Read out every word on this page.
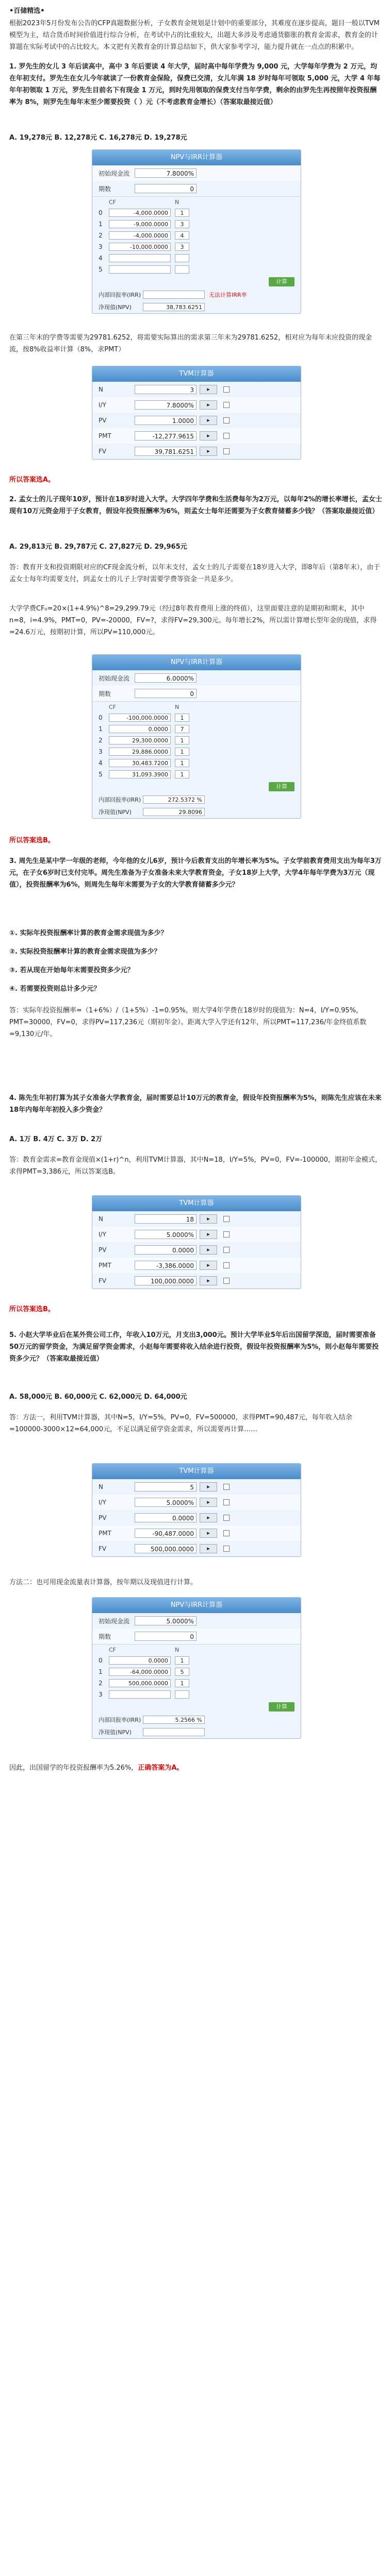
•百储精选•
根据2023年5月份发布公告的CFP真题数据分析，子女教育金规划是计划中的重要部分，其难度在逐步提高，题目一般以TVM模型为主，结合货币时间价值进行综合分析，在考试中占的比重较大，出题大多涉及考虑通货膨胀的教育金需求，教育金的计算题在实际考试中的占比较大。本文把有关教育金的计算总结如下，供大家参考学习，能力提升就在一点点的积累中。
1. 罗先生的女儿 3 年后读高中，高中 3 年后要读 4 年大学，届时高中每年学费为 9,000 元，大学每年学费为 2 万元，均在年初支付。罗先生在女儿今年就读了一份教育金保险，保费已交清，女儿年满 18 岁时每年可领取 5,000 元，大学 4 年每年年初领取 1 万元，罗先生目前名下有现金 1 万元，到时先用领取的保费支付当年学费，剩余的由罗先生再按照年投资报酬率为 8%，则罗先生每年末至少需要投资（ ）元（不考虑教育金增长）（答案取最接近值）
A. 19,278元 B. 12,278元 C. 16,278元 D. 19,278元
NPV与IRR计算器
初始现金流	7.8000%
期数	0
CF	N
0	-4,000.0000	1
1	-9,000.0000	3
2	-4,000.0000	4
3	-10,000.0000	3
4
5
计算
内部回报率(IRR)	无法计算IRR率
净现值(NPV)	38,783.6251
在第三年末的学费等需要为29781.6252，将需要实际算出的需求第三年末为29781.6252，相对应为每年末应投资的现金流，按8%收益率计算（8%，求PMT）
TVM计算器
N	3	▸
I/Y	7.8000%	▸
PV	1.0000	▸
PMT	-12,277.9615	▸
FV	39,781.6251	▸
所以答案选A。
2. 孟女士的儿子现年10岁，预计在18岁时进入大学。大学四年学费和生活费每年为2万元，以每年2%的增长率增长，孟女士现有10万元资金用于子女教育，假设年投资报酬率为6%，则孟女士每年还需要为子女教育储蓄多少钱？（答案取最接近值）
A. 29,813元 B. 29,787元 C. 27,827元 D. 29,965元
答：教育开支和投资期限对应的CF现金流分析，以年末支付，孟女士的儿子需要在18岁进入大学，即8年后（第8年末），由于孟女士每年均需要支付，到孟女士的儿子上学时需要学费等资金一共是多少。
大学学费CF₀=20×(1+4.9%)^8=29,299.79元（经过8年教育费用上涨的终值），这里面要注意的是期初和期末，其中n=8，i=4.9%，PMT=0，PV=-20000，FV=?，求得FV=29,300元。每年增长2%，所以需计算增长型年金的现值，求得=24.6万元，按期初计算，所以PV=110,000元。
NPV与IRR计算器
初始现金流	6.0000%
期数	0
CF	N
0	-100,000.0000	1
1	0.0000	7
2	29,300.0000	1
3	29,886.0000	1
4	30,483.7200	1
5	31,093.3900	1
计算
内部回报率(IRR)	272.5372 %
净现值(NPV)	29.8096
所以答案选B。
3. 周先生是某中学一年级的老师，今年他的女儿6岁，预计今后教育支出的年增长率为5%。子女学前教育费用支出为每年3万元，在子女6岁时已支付完毕。周先生准备为子女准备未来大学教育资金，子女18岁上大学，大学4年每年学费为3万元（现值），投资报酬率为6%，则周先生每年末需要为子女的大学教育储蓄多少元？
①. 实际年投资报酬率计算的教育金需求现值为多少？
②. 实际投资报酬率计算的教育金需求现值为多少？
③. 若从现在开始每年末需要投资多少元？
④. 若需要投资则总计多少元？
答：实际年投资报酬率=（1+6%）/（1+5%）-1=0.95%，则大学4年学费在18岁时的现值为：N=4，I/Y=0.95%，PMT=30000，FV=0，求得PV=117,236元（期初年金）。距离大学入学还有12年，所以PMT=117,236/年金终值系数=9,130元/年。
4. 陈先生年初打算为其子女准备大学教育金，届时需要总计10万元的教育金，假设年投资报酬率为5%，则陈先生应该在未来18年内每年年初投入多少资金？
A. 1万 B. 4万 C. 3万 D. 2万
答：教育金需求=教育金现值×(1+r)^n，利用TVM计算器，其中N=18，I/Y=5%，PV=0，FV=-100000，期初年金模式，求得PMT=3,386元，所以答案选B。
TVM计算器
N	18	▸
I/Y	5.0000%	▸
PV	0.0000	▸
PMT	-3,386.0000	▸
FV	100,000.0000	▸
所以答案选B。
5. 小赵大学毕业后在某外资公司工作，年收入10万元，月支出3,000元。预计大学毕业5年后出国留学深造，届时需要准备50万元的留学资金，为满足留学资金需求，小赵每年需要将收入结余进行投资，假设年投资报酬率为5%，则小赵每年需要投资多少元？（答案取最接近值）
A. 58,000元 B. 60,000元 C. 62,000元 D. 64,000元
答：方法一，利用TVM计算器，其中N=5，I/Y=5%，PV=0，FV=500000，求得PMT=90,487元，每年收入结余=100000-3000×12=64,000元，不足以满足留学资金需求，所以需要再计算……
TVM计算器
N	5	▸
I/Y	5.0000%	▸
PV	0.0000	▸
PMT	-90,487.0000	▸
FV	500,000.0000	▸
方法二：也可用现金流量表计算器，按年期以及现值进行计算。
NPV与IRR计算器
初始现金流	5.0000%
期数	0
CF	N
0	0.0000	1
1	-64,000.0000	5
2	500,000.0000	1
3
计算
内部回报率(IRR)	5.2566 %
净现值(NPV)
因此，出国留学的年投资报酬率为5.26%，正确答案为A。
